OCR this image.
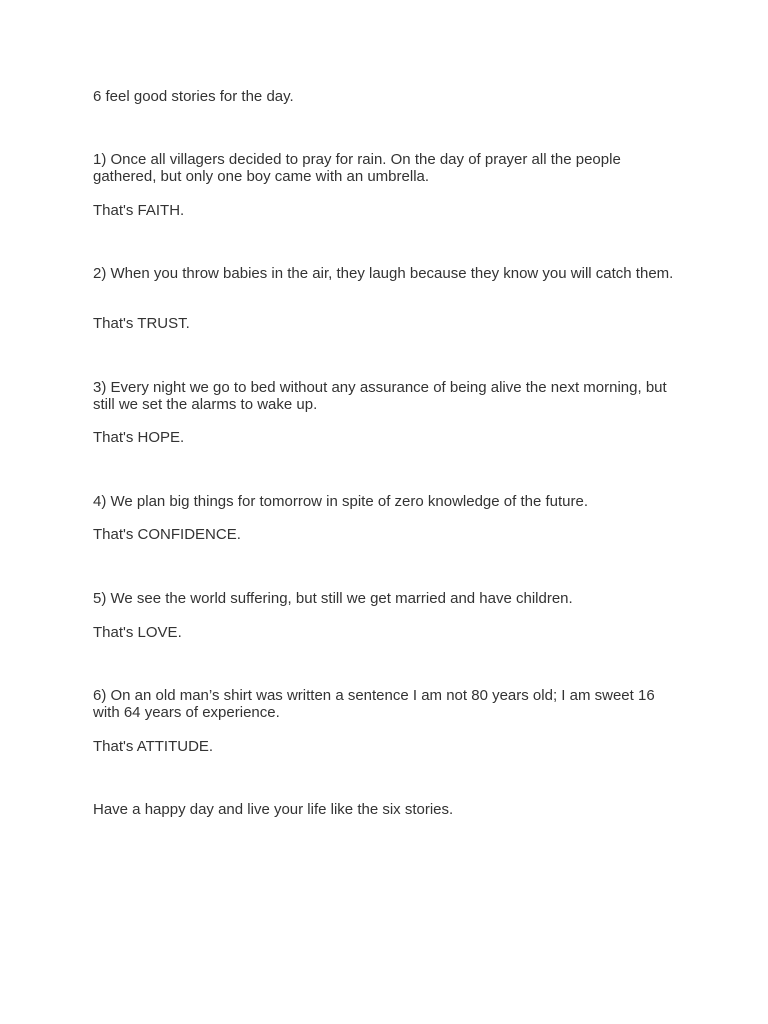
6 feel good stories for the day.

1) Once all villagers decided to pray for rain. On the day of prayer all the people gathered, but only one boy came with an umbrella.

That's FAITH.

2) When you throw babies in the air, they laugh because they know you will catch them.

That's TRUST.

3) Every night we go to bed without any assurance of being alive the next morning, but still we set the alarms to wake up.

That's HOPE.

4) We plan big things for tomorrow in spite of zero knowledge of the future.

That's CONFIDENCE.

5) We see the world suffering, but still we get married and have children.

That's LOVE.

6) On an old man’s shirt was written a sentence I am not 80 years old; I am sweet 16 with 64 years of experience.

That's ATTITUDE.

Have a happy day and live your life like the six stories.
